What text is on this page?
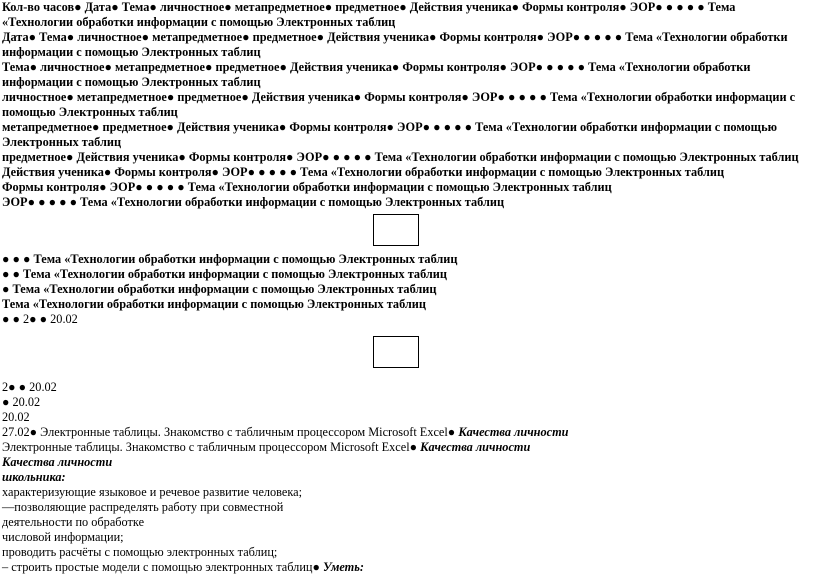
Кол-во часов● Дата● Тема● личностное● метапредметное● предметное● Действия ученика● Формы контроля● ЭОР● ● ● ● ● Тема «Технологии обработки информации с помощью Электронных таблиц

Дата● Тема● личностное● метапредметное● предметное● Действия ученика● Формы контроля● ЭОР● ● ● ● ● Тема «Технологии обработки информации с помощью Электронных таблиц

Тема● личностное● метапредметное● предметное● Действия ученика● Формы контроля● ЭОР● ● ● ● ● Тема «Технологии обработки информации с помощью Электронных таблиц

личностное● метапредметное● предметное● Действия ученика● Формы контроля● ЭОР● ● ● ● ● Тема «Технологии обработки информации с помощью Электронных таблиц

метапредметное● предметное● Действия ученика● Формы контроля● ЭОР● ● ● ● ● Тема «Технологии обработки информации с помощью Электронных таблиц

предметное● Действия ученика● Формы контроля● ЭОР● ● ● ● ● Тема «Технологии обработки информации с помощью Электронных таблиц

Действия ученика● Формы контроля● ЭОР● ● ● ● ● Тема «Технологии обработки информации с помощью Электронных таблиц

Формы контроля● ЭОР● ● ● ● ● Тема «Технологии обработки информации с помощью Электронных таблиц

ЭОР● ● ● ● ● Тема «Технологии обработки информации с помощью Электронных таблиц

● ● ● Тема «Технологии обработки информации с помощью Электронных таблиц

● ● Тема «Технологии обработки информации с помощью Электронных таблиц

● Тема «Технологии обработки информации с помощью Электронных таблиц

Тема «Технологии обработки информации с помощью Электронных таблиц

● ● 2● ● 20.02

2● ● 20.02

● 20.02

20.02

27.02● Электронные таблицы. Знакомство с табличным процессором Microsoft Excel● Качества личности

Электронные таблицы. Знакомство с табличным процессором Microsoft Excel● Качества личности

Качества личности

школьника:

характеризующие языковое и речевое развитие человека;

—позволяющие распределять работу при совместной

деятельности по обработке

числовой информации;

проводить расчёты с помощью электронных таблиц;

– строить простые модели с помощью электронных таблиц● Уметь:
